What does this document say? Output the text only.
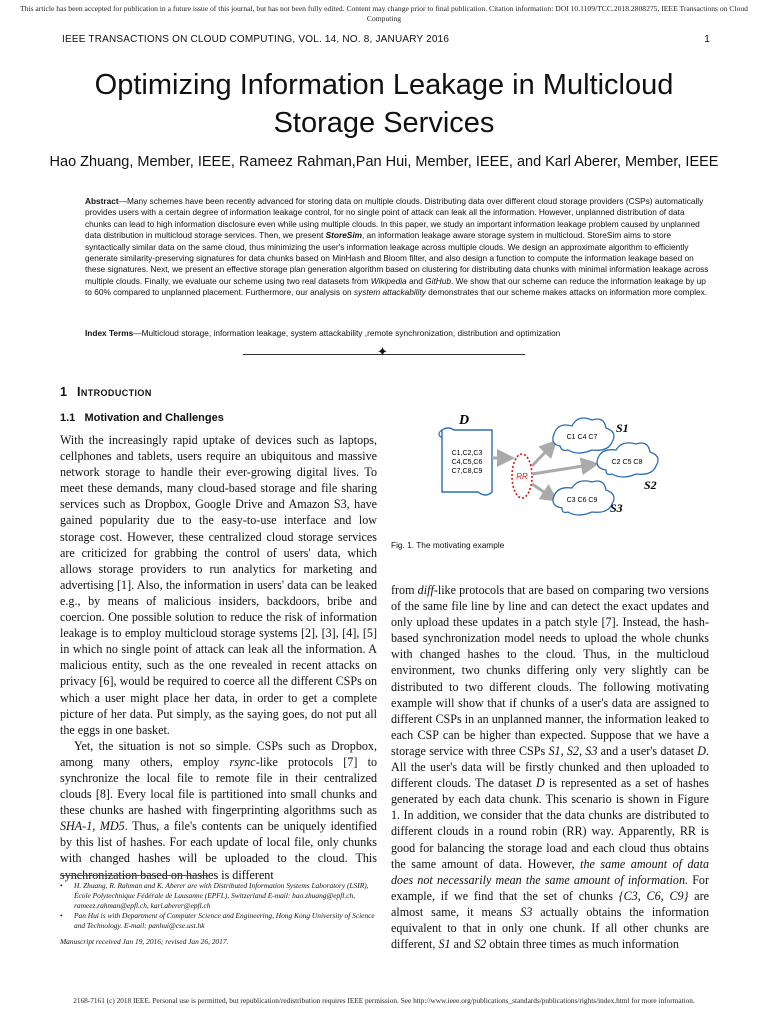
This article has been accepted for publication in a future issue of this journal, but has not been fully edited. Content may change prior to final publication. Citation information: DOI 10.1109/TCC.2018.2808275, IEEE Transactions on Cloud Computing
IEEE TRANSACTIONS ON CLOUD COMPUTING, VOL. 14, NO. 8, JANUARY 2016	1
Optimizing Information Leakage in Multicloud Storage Services
Hao Zhuang, Member, IEEE, Rameez Rahman,Pan Hui, Member, IEEE, and Karl Aberer, Member, IEEE
Abstract—Many schemes have been recently advanced for storing data on multiple clouds. Distributing data over different cloud storage providers (CSPs) automatically provides users with a certain degree of information leakage control, for no single point of attack can leak all the information. However, unplanned distribution of data chunks can lead to high information disclosure even while using multiple clouds. In this paper, we study an important information leakage problem caused by unplanned data distribution in multicloud storage services. Then, we present StoreSim, an information leakage aware storage system in multicloud. StoreSim aims to store syntactically similar data on the same cloud, thus minimizing the user's information leakage across multiple clouds. We design an approximate algorithm to efficiently generate similarity-preserving signatures for data chunks based on MinHash and Bloom filter, and also design a function to compute the information leakage based on these signatures. Next, we present an effective storage plan generation algorithm based on clustering for distributing data chunks with minimal information leakage across multiple clouds. Finally, we evaluate our scheme using two real datasets from Wikipedia and GitHub. We show that our scheme can reduce the information leakage by up to 60% compared to unplanned placement. Furthermore, our analysis on system attackability demonstrates that our scheme makes attacks on information more complex.
Index Terms—Multicloud storage, information leakage, system attackability ,remote synchronization, distribution and optimization
✦
1 Introduction
1.1 Motivation and Challenges

With the increasingly rapid uptake of devices such as laptops, cellphones and tablets, users require an ubiquitous and massive network storage to handle their ever-growing digital lives. To meet these demands, many cloud-based storage and file sharing services such as Dropbox, Google Drive and Amazon S3, have gained popularity due to the easy-to-use interface and low storage cost. However, these centralized cloud storage services are criticized for grabbing the control of users' data, which allows storage providers to run analytics for marketing and advertising [1]. Also, the information in users' data can be leaked e.g., by means of malicious insiders, backdoors, bribe and coercion. One possible solution to reduce the risk of information leakage is to employ multicloud storage systems [2], [3], [4], [5] in which no single point of attack can leak all the information. A malicious entity, such as the one revealed in recent attacks on privacy [6], would be required to coerce all the different CSPs on which a user might place her data, in order to get a complete picture of her data. Put simply, as the saying goes, do not put all the eggs in one basket.

Yet, the situation is not so simple. CSPs such as Dropbox, among many others, employ rsync-like protocols [7] to synchronize the local file to remote file in their centralized clouds [8]. Every local file is partitioned into small chunks and these chunks are hashed with fingerprinting algorithms such as SHA-1, MD5. Thus, a file's contents can be uniquely identified by this list of hashes. For each update of local file, only chunks with changed hashes will be uploaded to the cloud. This synchronization based on hashes is different

D
C1,C2,C3
C4,C5,C6
C7,C8,C9
RR
C1 C4 C7
S1
C2 C5 C8
S2
C3 C6 C9
S3
Fig. 1. The motivating example

from diff-like protocols that are based on comparing two versions of the same file line by line and can detect the exact updates and only upload these updates in a patch style [7]. Instead, the hash-based synchronization model needs to upload the whole chunks with changed hashes to the cloud. Thus, in the multicloud environment, two chunks differing only very slightly can be distributed to two different clouds. The following motivating example will show that if chunks of a user's data are assigned to different CSPs in an unplanned manner, the information leaked to each CSP can be higher than expected. Suppose that we have a storage service with three CSPs S1, S2, S3 and a user's dataset D. All the user's data will be firstly chunked and then uploaded to different clouds. The dataset D is represented as a set of hashes generated by each data chunk. This scenario is shown in Figure 1. In addition, we consider that the data chunks are distributed to different clouds in a round robin (RR) way. Apparently, RR is good for balancing the storage load and each cloud thus obtains the same amount of data. However, the same amount of data does not necessarily mean the same amount of information. For example, if we find that the set of chunks {C3, C6, C9} are almost same, it means S3 actually obtains the information equivalent to that in only one chunk. If all other chunks are different, S1 and S2 obtain three times as much information

•	H. Zhuang, R. Rahman and K. Aberer are with Distributed Information Systems Laboratory (LSIR), École Polytechnique Fédérale de Lausanne (EPFL), Switzerland E-mail: hao.zhuang@epfl.ch, rameez.rahman@epfl.ch, karl.aberer@epfl.ch
•	Pan Hui is with Department of Computer Science and Engineering, Hong Kong University of Science and Technology. E-mail: panhui@cse.ust.hk
Manuscript received Jan 19, 2016; revised Jan 26, 2017.
2168-7161 (c) 2018 IEEE. Personal use is permitted, but republication/redistribution requires IEEE permission. See http://www.ieee.org/publications_standards/publications/rights/index.html for more information.
